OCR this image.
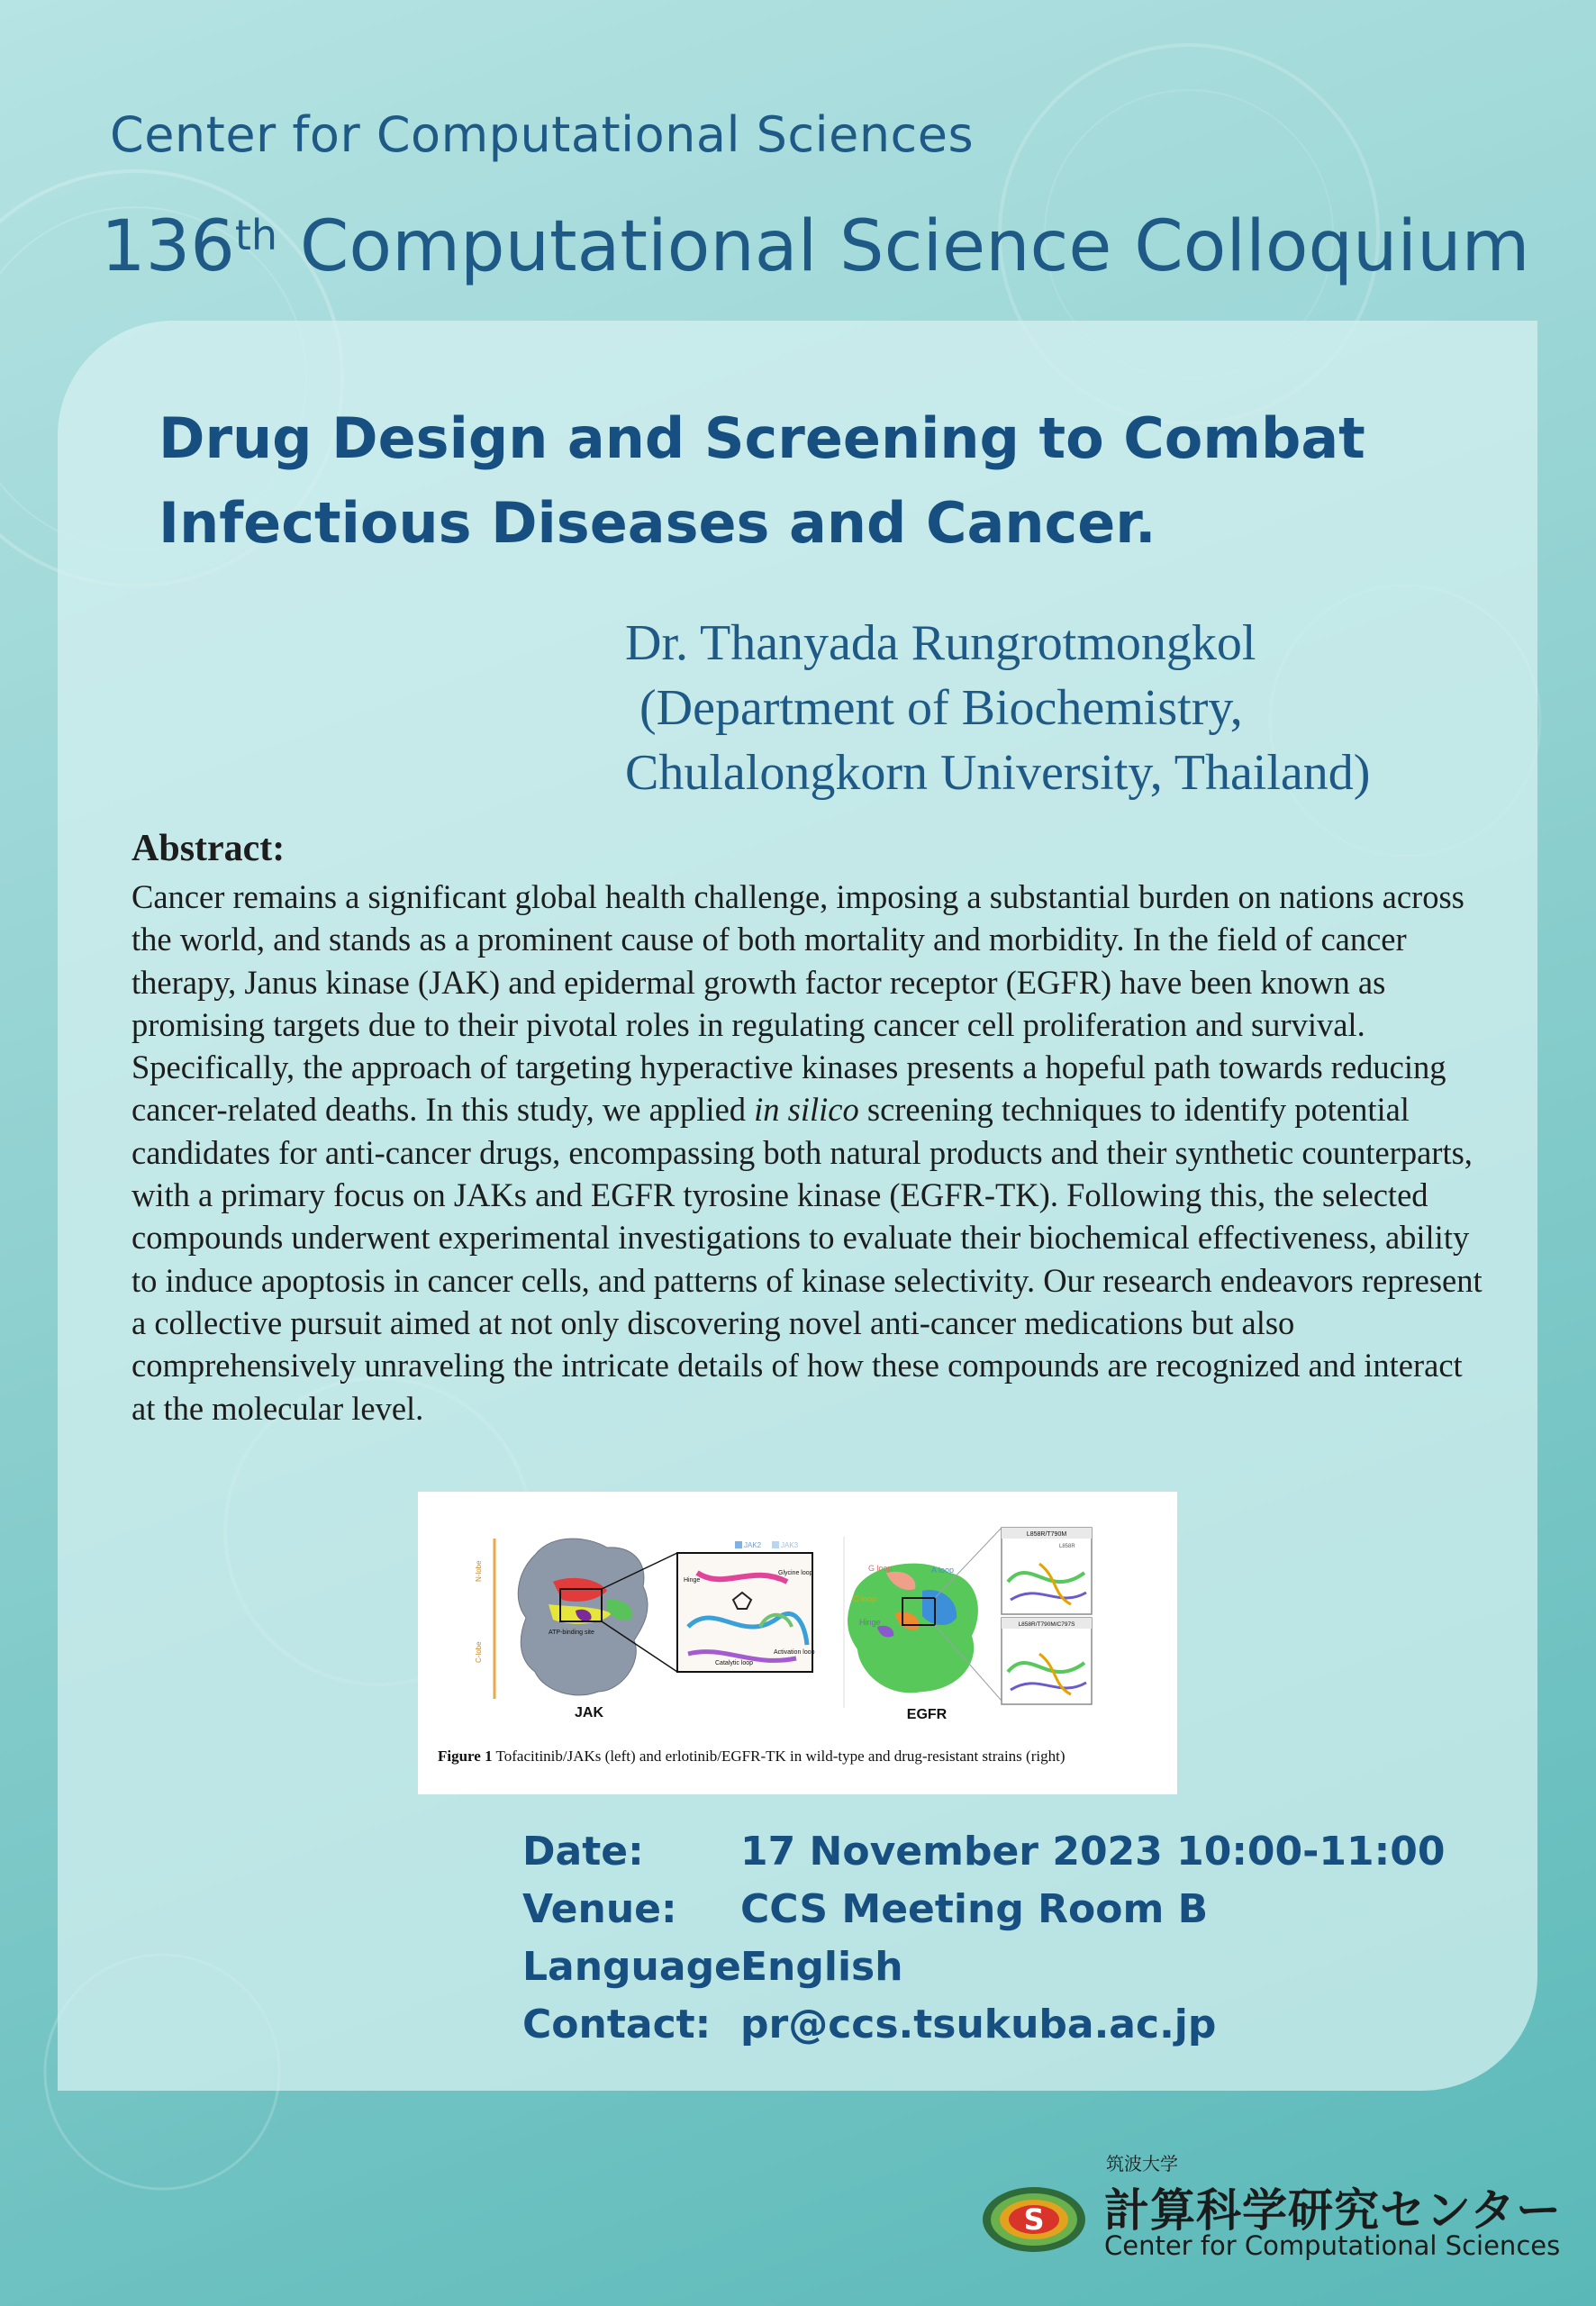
Center for Computational Sciences
136th Computational Science Colloquium
Drug Design and Screening to Combat
Infectious Diseases and Cancer.
Dr. Thanyada Rungrotmongkol
(Department of Biochemistry,
Chulalongkorn University, Thailand)
Abstract:

Cancer remains a significant global health challenge, imposing a substantial burden on nations across the world, and stands as a prominent cause of both mortality and morbidity. In the field of cancer therapy, Janus kinase (JAK) and epidermal growth factor receptor (EGFR) have been known as promising targets due to their pivotal roles in regulating cancer cell proliferation and survival. Specifically, the approach of targeting hyperactive kinases presents a hopeful path towards reducing cancer-related deaths. In this study, we applied in silico screening techniques to identify potential candidates for anti-cancer drugs, encompassing both natural products and their synthetic counterparts, with a primary focus on JAKs and EGFR tyrosine kinase (EGFR-TK). Following this, the selected compounds underwent experimental investigations to evaluate their biochemical effectiveness, ability to induce apoptosis in cancer cells, and patterns of kinase selectivity. Our research endeavors represent a collective pursuit aimed at not only discovering novel anti-cancer medications but also comprehensively unraveling the intricate details of how these compounds are recognized and interact at the molecular level.

N-lobe
C-lobe
ATP-binding site
Hinge
Glycine loop
Catalytic loop
Activation loop
JAK2	JAK3
JAK
G loop	A loop
C loop
Hinge
L858R/T790M
L858R
L858R/T790M/C797S
EGFR
Figure 1 Tofacitinib/JAKs (left) and erlotinib/EGFR-TK in wild-type and drug-resistant strains (right)
Date: 17 November 2023 10:00-11:00
Venue: CCS Meeting Room B
Language:English
Contact: pr@ccs.tsukuba.ac.jp
S
筑波大学
計算科学研究センター
Center for Computational Sciences
